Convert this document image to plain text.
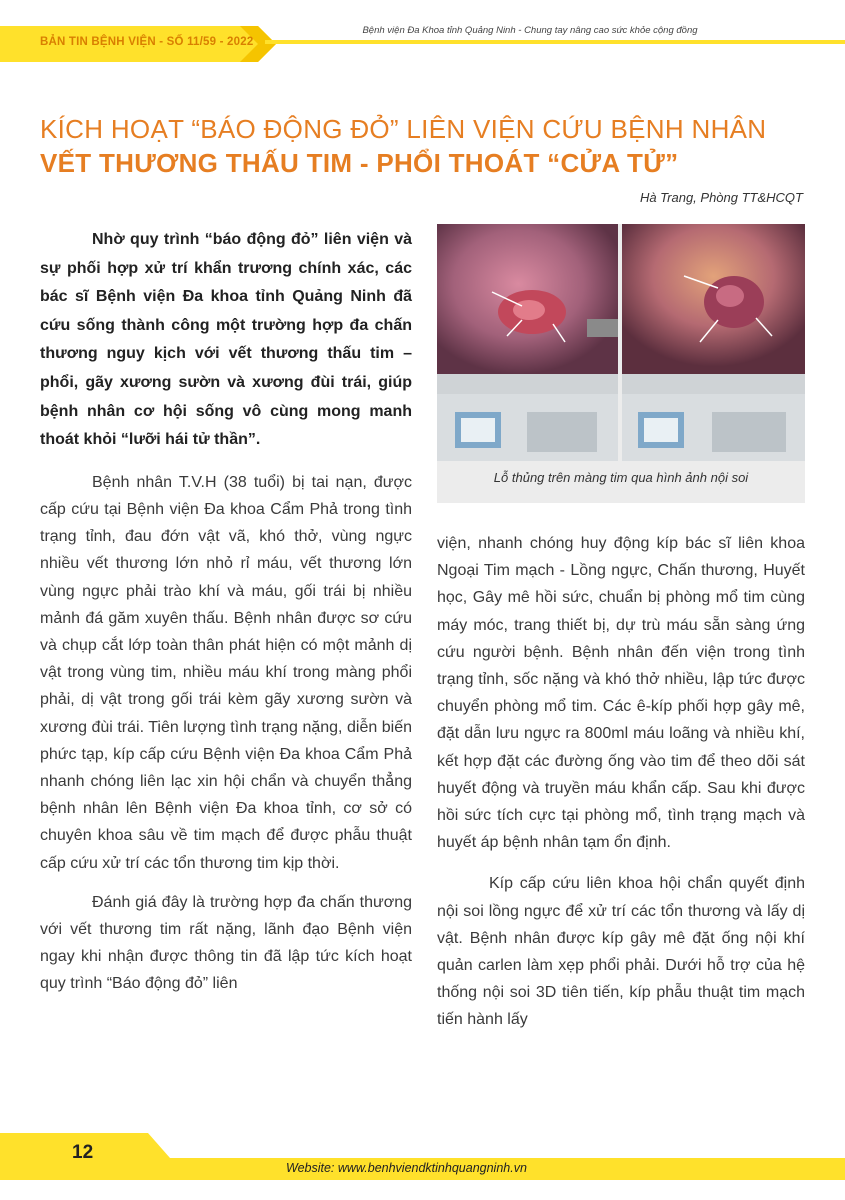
BẢN TIN BỆNH VIỆN - SỐ 11/59 - 2022
Bệnh viện Đa Khoa tỉnh Quảng Ninh - Chung tay nâng cao sức khỏe cộng đồng
KÍCH HOẠT “BÁO ĐỘNG ĐỎ” LIÊN VIỆN CỨU BỆNH NHÂN
VẾT THƯƠNG THẤU TIM - PHỔI THOÁT “CỬA TỬ”
Hà Trang, Phòng TT&HCQT

Nhờ quy trình “báo động đỏ” liên viện và sự phối hợp xử trí khẩn trương chính xác, các bác sĩ Bệnh viện Đa khoa tỉnh Quảng Ninh đã cứu sống thành công một trường hợp đa chấn thương nguy kịch với vết thương thấu tim – phổi, gãy xương sườn và xương đùi trái, giúp bệnh nhân cơ hội sống vô cùng mong manh thoát khỏi “lưỡi hái tử thần”.

Bệnh nhân T.V.H (38 tuổi) bị tai nạn, được cấp cứu tại Bệnh viện Đa khoa Cẩm Phả trong tình trạng tỉnh, đau đớn vật vã, khó thở, vùng ngực nhiều vết thương lớn nhỏ rỉ máu, vết thương lớn vùng ngực phải trào khí và máu, gối trái bị nhiều mảnh đá găm xuyên thấu. Bệnh nhân được sơ cứu và chụp cắt lớp toàn thân phát hiện có một mảnh dị vật trong vùng tim, nhiều máu khí trong màng phổi phải, dị vật trong gối trái kèm gãy xương sườn và xương đùi trái. Tiên lượng tình trạng nặng, diễn biến phức tạp, kíp cấp cứu Bệnh viện Đa khoa Cẩm Phả nhanh chóng liên lạc xin hội chẩn và chuyển thẳng bệnh nhân lên Bệnh viện Đa khoa tỉnh, cơ sở có chuyên khoa sâu về tim mạch để được phẫu thuật cấp cứu xử trí các tổn thương tim kịp thời.

Đánh giá đây là trường hợp đa chấn thương với vết thương tim rất nặng, lãnh đạo Bệnh viện ngay khi nhận được thông tin đã lập tức kích hoạt quy trình “Báo động đỏ” liên

Lỗ thủng trên màng tim qua hình ảnh nội soi

viện, nhanh chóng huy động kíp bác sĩ liên khoa Ngoại Tim mạch - Lồng ngực, Chấn thương, Huyết học, Gây mê hồi sức, chuẩn bị phòng mổ tim cùng máy móc, trang thiết bị, dự trù máu sẵn sàng ứng cứu người bệnh. Bệnh nhân đến viện trong tình trạng tỉnh, sốc nặng và khó thở nhiều, lập tức được chuyển phòng mổ tim. Các ê-kíp phối hợp gây mê, đặt dẫn lưu ngực ra 800ml máu loãng và nhiều khí, kết hợp đặt các đường ống vào tim để theo dõi sát huyết động và truyền máu khẩn cấp. Sau khi được hồi sức tích cực tại phòng mổ, tình trạng mạch và huyết áp bệnh nhân tạm ổn định.

Kíp cấp cứu liên khoa hội chẩn quyết định nội soi lồng ngực để xử trí các tổn thương và lấy dị vật. Bệnh nhân được kíp gây mê đặt ống nội khí quản carlen làm xẹp phổi phải. Dưới hỗ trợ của hệ thống nội soi 3D tiên tiến, kíp phẫu thuật tim mạch tiến hành lấy

12
Website: www.benhviendktinhquangninh.vn
